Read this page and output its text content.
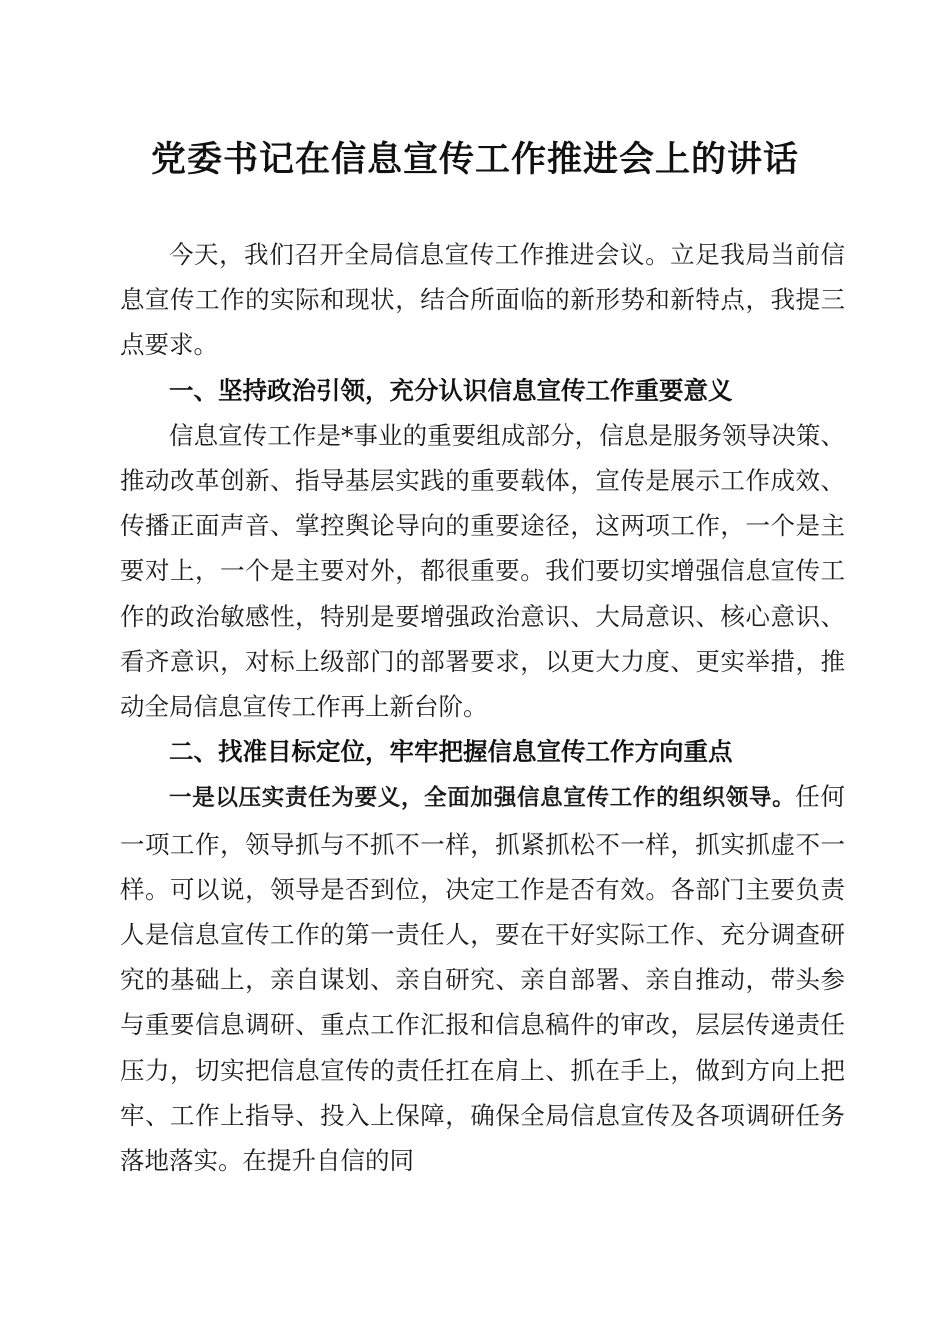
党委书记在信息宣传工作推进会上的讲话

今天，我们召开全局信息宣传工作推进会议。立足我局当前信息宣传工作的实际和现状，结合所面临的新形势和新特点，我提三点要求。

一、坚持政治引领，充分认识信息宣传工作重要意义

信息宣传工作是*事业的重要组成部分，信息是服务领导决策、推动改革创新、指导基层实践的重要载体，宣传是展示工作成效、传播正面声音、掌控舆论导向的重要途径，这两项工作，一个是主要对上，一个是主要对外，都很重要。我们要切实增强信息宣传工作的政治敏感性，特别是要增强政治意识、大局意识、核心意识、看齐意识，对标上级部门的部署要求，以更大力度、更实举措，推动全局信息宣传工作再上新台阶。

二、找准目标定位，牢牢把握信息宣传工作方向重点

一是以压实责任为要义，全面加强信息宣传工作的组织领导。任何一项工作，领导抓与不抓不一样，抓紧抓松不一样，抓实抓虚不一样。可以说，领导是否到位，决定工作是否有效。各部门主要负责人是信息宣传工作的第一责任人，要在干好实际工作、充分调查研究的基础上，亲自谋划、亲自研究、亲自部署、亲自推动，带头参与重要信息调研、重点工作汇报和信息稿件的审改，层层传递责任压力，切实把信息宣传的责任扛在肩上、抓在手上，做到方向上把牢、工作上指导、投入上保障，确保全局信息宣传及各项调研任务落地落实。在提升自信的同
